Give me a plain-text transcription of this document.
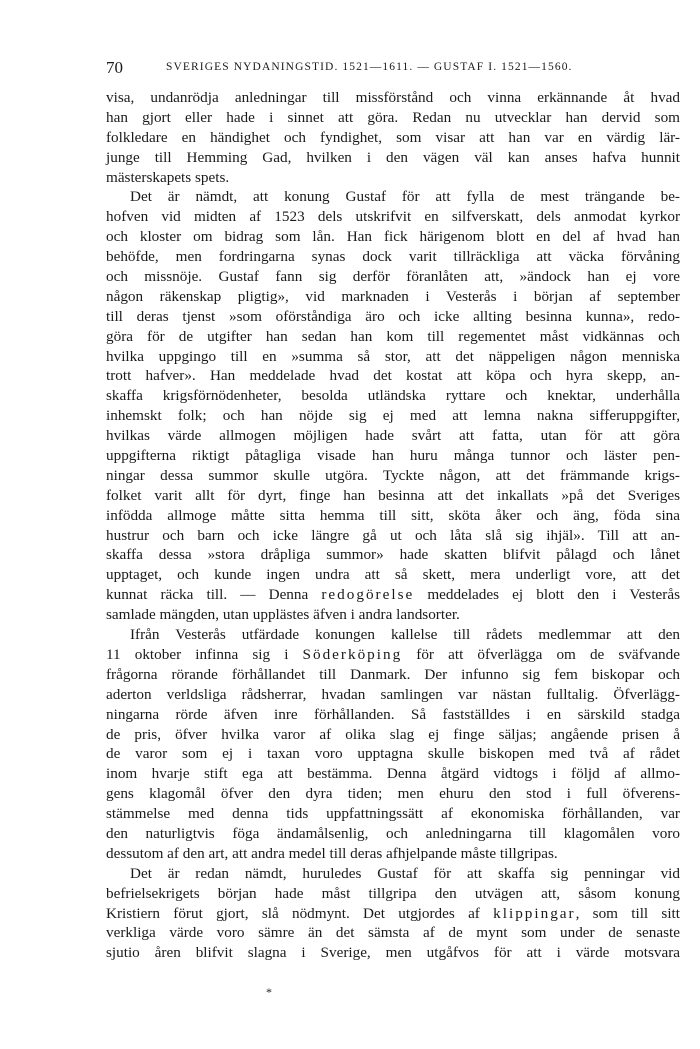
70	SVERIGES NYDANINGSTID. 1521—1611. — GUSTAF I. 1521—1560.
visa, undanrödja anledningar till missförstånd och vinna erkännande åt hvad
han gjort eller hade i sinnet att göra. Redan nu utvecklar han dervid som
folkledare en händighet och fyndighet, som visar att han var en värdig lär-
junge till Hemming Gad, hvilken i den vägen väl kan anses hafva hunnit
mästerskapets spets.
Det är nämdt, att konung Gustaf för att fylla de mest trängande be-
hofven vid midten af 1523 dels utskrifvit en silfverskatt, dels anmodat kyrkor
och kloster om bidrag som lån. Han fick härigenom blott en del af hvad han
behöfde, men fordringarna synas dock varit tillräckliga att väcka förvåning
och missnöje. Gustaf fann sig derför föranlåten att, »ändock han ej vore
någon räkenskap pligtig», vid marknaden i Vesterås i början af september
till deras tjenst »som oförståndiga äro och icke allting besinna kunna», redo-
göra för de utgifter han sedan han kom till regementet måst vidkännas och
hvilka uppgingo till en »summa så stor, att det näppeligen någon menniska
trott hafver». Han meddelade hvad det kostat att köpa och hyra skepp, an-
skaffa krigsförnödenheter, besolda utländska ryttare och knektar, underhålla
inhemskt folk; och han nöjde sig ej med att lemna nakna sifferuppgifter,
hvilkas värde allmogen möjligen hade svårt att fatta, utan för att göra
uppgifterna riktigt påtagliga visade han huru många tunnor och läster pen-
ningar dessa summor skulle utgöra. Tyckte någon, att det främmande krigs-
folket varit allt för dyrt, finge han besinna att det inkallats »på det Sveriges
infödda allmoge måtte sitta hemma till sitt, sköta åker och äng, föda sina
hustrur och barn och icke längre gå ut och låta slå sig ihjäl». Till att an-
skaffa dessa »stora dråpliga summor» hade skatten blifvit pålagd och lånet
upptaget, och kunde ingen undra att så skett, mera underligt vore, att det
kunnat räcka till. — Denna redogörelse meddelades ej blott den i Vesterås
samlade mängden, utan upplästes äfven i andra landsorter.
Ifrån Vesterås utfärdade konungen kallelse till rådets medlemmar att den
11 oktober infinna sig i Söderköping för att öfverlägga om de sväfvande
frågorna rörande förhållandet till Danmark. Der infunno sig fem biskopar och
aderton verldsliga rådsherrar, hvadan samlingen var nästan fulltalig. Öfverlägg-
ningarna rörde äfven inre förhållanden. Så fastställdes i en särskild stadga
de pris, öfver hvilka varor af olika slag ej finge säljas; angående prisen å
de varor som ej i taxan voro upptagna skulle biskopen med två af rådet
inom hvarje stift ega att bestämma. Denna åtgärd vidtogs i följd af allmo-
gens klagomål öfver den dyra tiden; men ehuru den stod i full öfverens-
stämmelse med denna tids uppfattningssätt af ekonomiska förhållanden, var
den naturligtvis föga ändamålsenlig, och anledningarna till klagomålen voro
dessutom af den art, att andra medel till deras afhjelpande måste tillgripas.
Det är redan nämdt, huruledes Gustaf för att skaffa sig penningar vid
befrielsekrigets början hade måst tillgripa den utvägen att, såsom konung
Kristiern förut gjort, slå nödmynt. Det utgjordes af klippingar, som till sitt
verkliga värde voro sämre än det sämsta af de mynt som under de senaste
sjutio åren blifvit slagna i Sverige, men utgåfvos för att i värde motsvara
*
